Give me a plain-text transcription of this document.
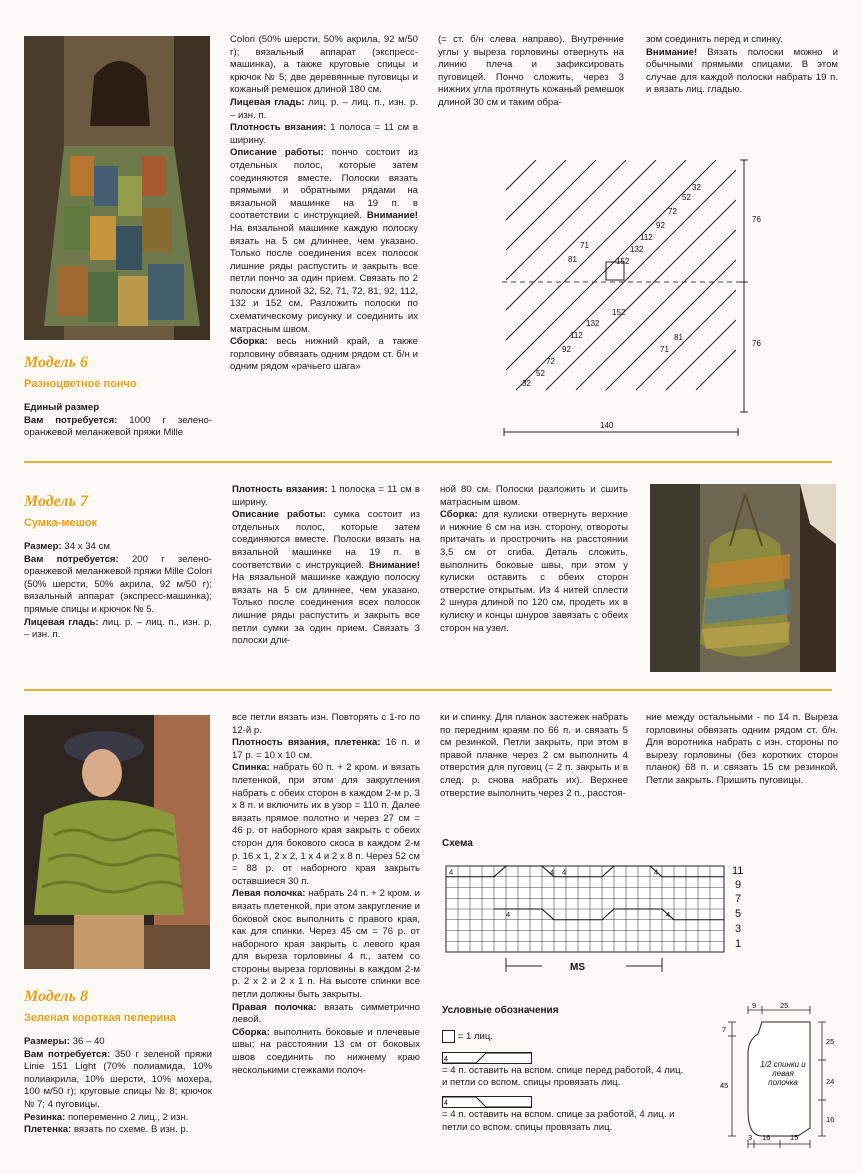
Модель 6
Разноцветное пончо
Единый размер
Вам потребуется: 1000 г зелено-оранжевой меланжевой пряжи Mille
Colori (50% шерсти, 50% акрила, 92 м/50 г); вязальный аппарат (экспресс-машинка), а также круговые спицы и крючок № 5; две деревянные пуговицы и кожаный ремешок длиной 180 см.
Лицевая гладь: лиц. р. – лиц. п., изн. р. – изн. п.
Плотность вязания: 1 полоса = 11 см в ширину.
Описание работы: пончо состоит из отдельных полос, которые затем соединяются вместе. Полоски вязать прямыми и обратными рядами на вязальной машинке на 19 п. в соответствии с инструкцией. Внимание! На вязальной машинке каждую полоску вязать на 5 см длиннее, чем указано. Только после соединения всех полосок лишние ряды распустить и закрыть все петли пончо за один прием. Связать по 2 полоски длиной 32, 52, 71, 72, 81, 92, 112, 132 и 152 см. Разложить полоски по схематическому рисунку и соединить их матрасным швом.
Сборка: весь нижний край, а также горловину обвязать одним рядом ст. б/н и одним рядом «рачьего шага»
(= ст. б/н слева направо). Внутренние углы у выреза горловины отвернуть на линию плеча и зафиксировать пуговицей. Пончо сложить, через 3 нижних угла протянуть кожаный ремешок длиной 30 см и таким обра-
зом соединить перед и спинку.
Внимание! Вязать полоски можно и обычными прямыми спицами. В этом случае для каждой полоски набрать 19 п. и вязать лиц. гладью.
32
52
72
92
112
71
81
132
152
152
132
112
92
72
52
32
81
71
76
76
140
Модель 7
Сумка-мешок
Размер: 34 х 34 см
Вам потребуется: 200 г зелено-оранжевой меланжевой пряжи Mille Colori (50% шерсти, 50% акрила, 92 м/50 г); вязальный аппарат (экспресс-машинка); прямые спицы и крючок № 5.
Лицевая гладь: лиц. р. – лиц. п., изн. р. – изн. п.
Плотность вязания: 1 полоска = 11 см в ширину.
Описание работы: сумка состоит из отдельных полос, которые затем соединяются вместе. Полоски вязать на вязальной машинке на 19 п. в соответствии с инструкцией. Внимание! На вязальной машинке каждую полоску вязать на 5 см длиннее, чем указано. Только после соединения всех полосок лишние ряды распустить и закрыть все петли сумки за один прием. Связать 3 полоски дли-
ной 80 см. Полоски разложить и сшить матрасным швом.
Сборка: для кулиски отвернуть верхние и нижние 6 см на изн. сторону, отвороты притачать и прострочить на расстоянии 3,5 см от сгиба. Деталь сложить, выполнить боковые швы, при этом у кулиски оставить с обеих сторон отверстие открытым. Из 4 нитей сплести 2 шнура длиной по 120 см, продеть их в кулиску и концы шнуров завязать с обеих сторон на узел.
Модель 8
Зеленая короткая пелерина
Размеры: 36 – 40
Вам потребуется: 350 г зеленой пряжи Linie 151 Light (70% полиамида, 10% полиакрила, 10% шерсти, 10% мохера, 100 м/50 г); круговые спицы № 8; крючок № 7; 4 пуговицы.
Резинка: попеременно 2 лиц., 2 изн.
Плетенка: вязать по схеме. В изн. р.
все петли вязать изн. Повторять с 1-го по 12-й р.
Плотность вязания, плетенка: 16 п. и 17 р. = 10 х 10 см.
Спинка: набрать 60 п. + 2 кром. и вязать плетенкой, при этом для закругления набрать с обеих сторон в каждом 2-м р. 3 х 8 п. и включить их в узор = 110 п. Далее вязать прямое полотно и через 27 см = 46 р. от наборного края закрыть с обеих сторон для бокового скоса в каждом 2-м р. 16 х 1, 2 х 2, 1 х 4 и 2 х 8 п. Через 52 см = 88 р. от наборного края закрыть оставшиеся 30 п.
Левая полочка: набрать 24 п. + 2 кром. и вязать плетенкой, при этом закругление и боковой скос выполнить с правого края, как для спинки. Через 45 см = 76 р. от наборного края закрыть с левого края для выреза горловины 4 п., затем со стороны выреза горловины в каждом 2-м р. 2 х 2 и 2 х 1 п. На высоте спинки все петли должны быть закрыты.
Правая полочка: вязать симметрично левой.
Сборка: выполнить боковые и плечевые швы; на расстоянии 13 см от боковых швов соединить по нижнему краю несколькими стежками полоч-
ки и спинку. Для планок застежек набрать по передним краям по 66 п. и связать 5 см резинкой. Петли закрыть, при этом в правой планке через 2 см выполнить 4 отверстия для пуговиц (= 2 п. закрыть и в след. р. снова набрать их). Верхнее отверстие выполнить через 2 п., расстоя-
ние между остальными - по 14 п. Выреза горловины обвязать одним рядом ст. б/н. Для воротника набрать с изн. стороны по вырезу горловины (без коротких сторон планок) 68 п. и связать 15 см резинкой. Петли закрыть. Пришить пуговицы.
Схема
4	4 4
4	4
4	11
9
7
5
3
1
MS
Условные обозначения
= 1 лиц.
4
= 4 п. оставить на вспом. спице перед работой, 4 лиц. и петли со вспом. спицы провязать лиц.
4
= 4 п. оставить на вспом. спице за работой, 4 лиц. и петли со вспом. спицы провязать лиц.
9	25
25
24
16
7
45
3 16	15
1/2 спинки и левая полочка
